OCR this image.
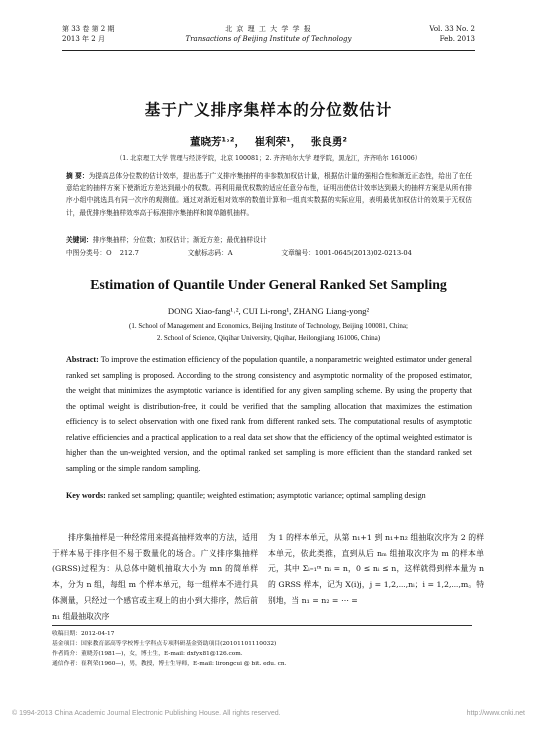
第 33 卷 第 2 期
2013 年 2 月
北 京 理 工 大 学 学 报
Transactions of Beijing Institute of Technology
Vol. 33 No. 2
Feb. 2013
基于广义排序集样本的分位数估计
董晓芳¹˒²， 崔利荣¹， 张良勇²
（1. 北京理工大学 管理与经济学院，北京 100081；2. 齐齐哈尔大学 理学院，黑龙江，齐齐哈尔 161006）
摘 要：为提高总体分位数的估计效率，提出基于广义排序集抽样的非参数加权估计量，根据估计量的强相合性和渐近正态性，给出了在任意给定的抽样方案下使渐近方差达到最小的权数。再利用最优权数的适应任意分布性，证明出使估计效率达到最大的抽样方案是从所有排序小组中挑选具有同一次序的观测值。通过对渐近相对效率的数值计算和一组真实数据的实际应用，表明最优加权估计的效果于无权估计，最优排序集抽样效率高于标准排序集抽样和简单随机抽样。
关键词：排序集抽样；分位数；加权估计；渐近方差；最优抽样设计
中图分类号：O 212.7	文献标志码：A	文章编号：1001-0645(2013)02-0213-04
Estimation of Quantile Under General Ranked Set Sampling
DONG Xiao-fang¹˒², CUI Li-rong¹, ZHANG Liang-yong²
(1. School of Management and Economics, Beijing Institute of Technology, Beijing 100081, China;
2. School of Science, Qiqihar University, Qiqihar, Heilongjiang 161006, China)
Abstract: To improve the estimation efficiency of the population quantile, a nonparametric weighted estimator under general ranked set sampling is proposed. According to the strong consistency and asymptotic normality of the proposed estimator, the weight that minimizes the asymptotic variance is identified for any given sampling scheme. By using the property that the optimal weight is distribution-free, it could be verified that the sampling allocation that maximizes the estimation efficiency is to select observation with one fixed rank from different ranked sets. The computational results of asymptotic relative efficiencies and a practical application to a real data set show that the efficiency of the optimal weighted estimator is higher than the un-weighted version, and the optimal ranked set sampling is more efficient than the standard ranked set sampling or the simple random sampling.
Key words: ranked set sampling; quantile; weighted estimation; asymptotic variance; optimal sampling design
排序集抽样是一种经常用来提高抽样效率的方法，适用于样本易于排序但不易于数量化的场合。广义排序集抽样(GRSS)过程为：从总体中随机抽取大小为 mn 的简单样本，分为 n 组，每组 m 个样本单元，每一组样本不进行具体测量，只经过一个感官或主观上的由小到大排序，然后前 n₁ 组最抽取次序
为 1 的样本单元，从第 n₁+1 到 n₁+n₂ 组抽取次序为 2 的样本单元，依此类推，直到从后 nₘ 组抽取次序为 m 的样本单元，其中 Σᵢ₌₁ᵐ nᵢ = n，0 ≤ nᵢ ≤ n，这样就得到样本量为 n 的 GRSS 样本，记为 X(i)j，j = 1,2,⋯,nᵢ；i = 1,2,⋯,m。特别地，当 n₁ = n₂ = ⋯ =
收稿日期：2012-04-17
基金项目：国家教育部高等学校博士学科点专项科研基金资助项目(20101101110032)
作者简介：董晓芳(1981—)，女，博士生，E-mail: dxfyx81@126.com.
通信作者：崔利荣(1960—)，男，教授，博士生导师，E-mail: lirongcui @ bit. edu. cn.
© 1994-2013 China Academic Journal Electronic Publishing House. All rights reserved.	http://www.cnki.net
